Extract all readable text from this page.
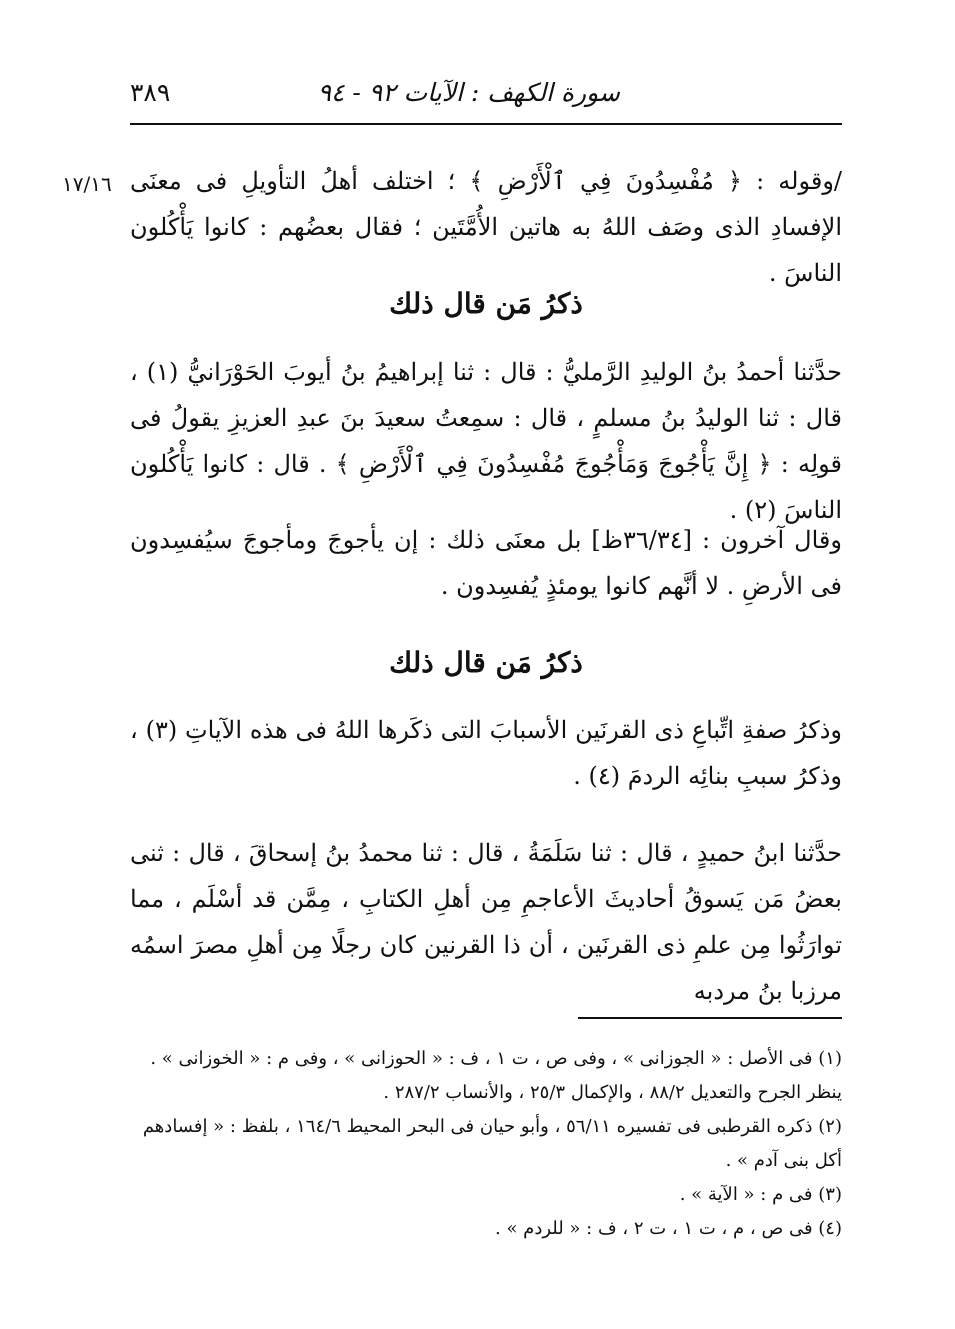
سورة الكهف : الآيات ٩٢ - ٩٤
٣٨٩
١٧/١٦ /وقوله : ﴿ مُفْسِدُونَ فِي ٱلْأَرْضِ ﴾ ؛ اختلف أهلُ التأويلِ فى معنَى الإفسادِ الذى وصَف اللهُ به هاتين الأُمَّتَين ؛ فقال بعضُهم : كانوا يَأْكُلون الناسَ .
ذكرُ مَن قال ذلك
حدَّثنا أحمدُ بنُ الوليدِ الرَّمليُّ : قال : ثنا إبراهيمُ بنُ أيوبَ الحَوْرَانيُّ (١) ، قال : ثنا الوليدُ بنُ مسلمٍ ، قال : سمِعتُ سعيدَ بنَ عبدِ العزيزِ يقولُ فى قولِه : ﴿ إِنَّ يَأْجُوجَ وَمَأْجُوجَ مُفْسِدُونَ فِي ٱلْأَرْضِ ﴾ . قال : كانوا يَأْكُلون الناسَ (٢) .
وقال آخرون : [٣٦/٣٤ظ] بل معنَى ذلك : إن يأجوجَ ومأجوجَ سيُفسِدون فى الأرضِ . لا أنَّهم كانوا يومئذٍ يُفسِدون .
ذكرُ مَن قال ذلك
وذكرُ صفةِ اتِّباعِ ذى القرنَين الأسبابَ التى ذكَرها اللهُ فى هذه الآياتِ (٣) ، وذكرُ سببِ بنائِه الردمَ (٤) .
حدَّثنا ابنُ حميدٍ ، قال : ثنا سَلَمَةُ ، قال : ثنا محمدُ بنُ إسحاقَ ، قال : ثنى بعضُ مَن يَسوقُ أحاديثَ الأعاجمِ مِن أهلِ الكتابِ ، مِمَّن قد أسْلَم ، مما توارَثُوا مِن علمِ ذى القرنَين ، أن ذا القرنين كان رجلًا مِن أهلِ مصرَ اسمُه مرزبا بنُ مردبه
(١) فى الأصل : « الجوزانى » ، وفى ص ، ت ١ ، ف : « الحوزانى » ، وفى م : « الخوزانى » . ينظر الجرح والتعديل ٨٨/٢ ، والإكمال ٢٥/٣ ، والأنساب ٢٨٧/٢ .
(٢) ذكره القرطبى فى تفسيره ٥٦/١١ ، وأبو حيان فى البحر المحيط ١٦٤/٦ ، بلفظ : « إفسادهم أكل بنى آدم » .
(٣) فى م : « الآية » .
(٤) فى ص ، م ، ت ١ ، ت ٢ ، ف : « للردم » .
